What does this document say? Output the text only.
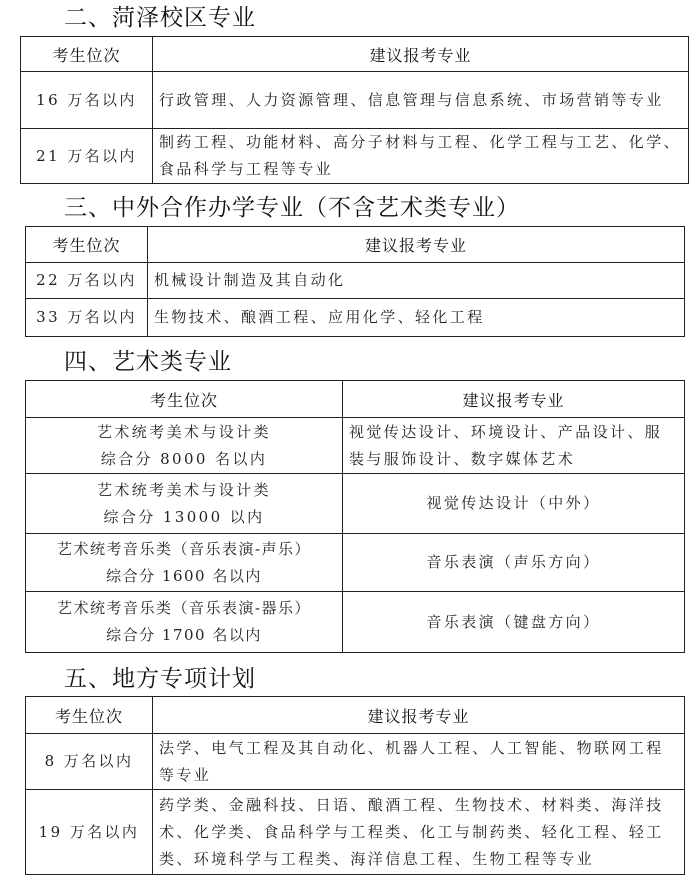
二、菏泽校区专业
考生位次	建议报考专业
16 万名以内	行政管理、人力资源管理、信息管理与信息系统、市场营销等专业
21 万名以内	制药工程、功能材料、高分子材料与工程、化学工程与工艺、化学、食品科学与工程等专业
三、中外合作办学专业（不含艺术类专业）
考生位次	建议报考专业
22 万名以内	机械设计制造及其自动化
33 万名以内	生物技术、酿酒工程、应用化学、轻化工程
四、艺术类专业
考生位次	建议报考专业

艺术统考美术与设计类
综合分 8000 名以内	视觉传达设计、环境设计、产品设计、服装与服饰设计、数字媒体艺术

艺术统考美术与设计类
综合分 13000 以内	视觉传达设计（中外）

艺术统考音乐类（音乐表演-声乐）
综合分 1600 名以内	音乐表演（声乐方向）

艺术统考音乐类（音乐表演-器乐）
综合分 1700 名以内	音乐表演（键盘方向）
五、地方专项计划
考生位次	建议报考专业
8 万名以内	法学、电气工程及其自动化、机器人工程、人工智能、物联网工程等专业
19 万名以内	药学类、金融科技、日语、酿酒工程、生物技术、材料类、海洋技术、化学类、食品科学与工程类、化工与制药类、轻化工程、轻工类、环境科学与工程类、海洋信息工程、生物工程等专业
